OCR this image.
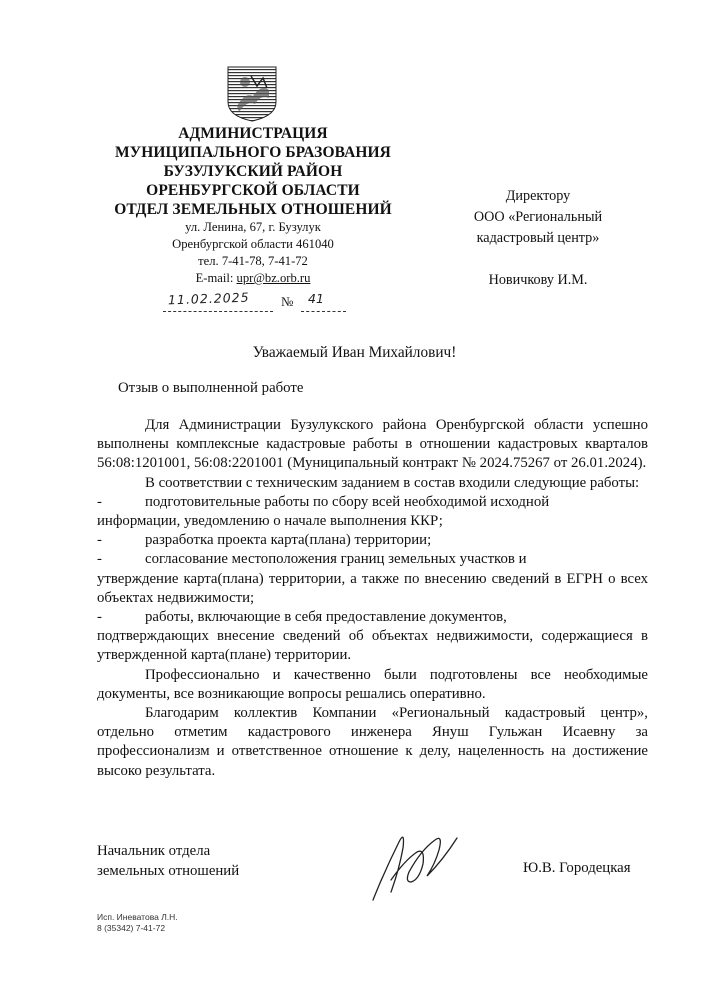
АДМИНИСТРАЦИЯ
МУНИЦИПАЛЬНОГО БРАЗОВАНИЯ
БУЗУЛУКСКИЙ РАЙОН
ОРЕНБУРГСКОЙ ОБЛАСТИ
ОТДЕЛ ЗЕМЕЛЬНЫХ ОТНОШЕНИЙ
ул. Ленина, 67, г. Бузулук
Оренбургской области 461040
тел. 7-41-78, 7-41-72
E-mail: upr@bz.orb.ru
11.02.2025 № 41
Директору
ООО «Региональный
кадастровый центр»
Новичкову И.М.
Уважаемый Иван Михайлович!
Отзыв о выполненной работе

Для Администрации Бузулукского района Оренбургской области успешно выполнены комплексные кадастровые работы в отношении кадастровых кварталов 56:08:1201001, 56:08:2201001 (Муниципальный контракт № 2024.75267 от 26.01.2024).

В соответствии с техническим заданием в состав входили следующие работы:

-	подготовительные работы по сбору всей необходимой исходной

информации, уведомлению о начале выполнения ККР;

-	разработка проекта карта(плана) территории;
-	согласование местоположения границ земельных участков и

утверждение карта(плана) территории, а также по внесению сведений в ЕГРН о всех объектах недвижимости;

-	работы, включающие в себя предоставление документов,

подтверждающих внесение сведений об объектах недвижимости, содержащиеся в утвержденной карта(плане) территории.

Профессионально и качественно были подготовлены все необходимые документы, все возникающие вопросы решались оперативно.

Благодарим коллектив Компании «Региональный кадастровый центр», отдельно отметим кадастрового инженера Януш Гульжан Исаевну за профессионализм и ответственное отношение к делу, нацеленность на достижение высоко результата.

Начальник отдела
земельных отношений	Ю.В. Городецкая
Исп. Иневатова Л.Н.
8 (35342) 7-41-72
